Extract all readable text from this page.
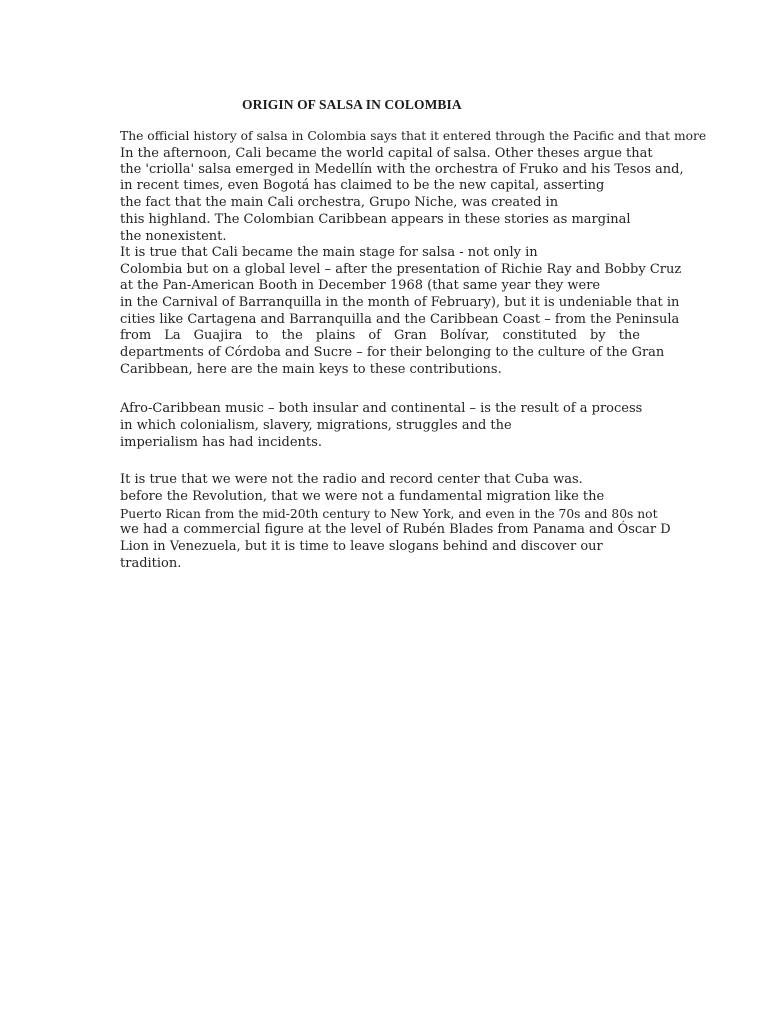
ORIGIN OF SALSA IN COLOMBIA
The official history of salsa in Colombia says that it entered through the Pacific and that more
In the afternoon, Cali became the world capital of salsa. Other theses argue that
the 'criolla' salsa emerged in Medellín with the orchestra of Fruko and his Tesos and,
in recent times, even Bogotá has claimed to be the new capital, asserting
the fact that the main Cali orchestra, Grupo Niche, was created in
this highland. The Colombian Caribbean appears in these stories as marginal
the nonexistent.
It is true that Cali became the main stage for salsa - not only in
Colombia but on a global level – after the presentation of Richie Ray and Bobby Cruz
at the Pan-American Booth in December 1968 (that same year they were
in the Carnival of Barranquilla in the month of February), but it is undeniable that in
cities like Cartagena and Barranquilla and the Caribbean Coast – from the Peninsula
from La Guajira to the plains of Gran Bolívar, constituted by the
departments of Córdoba and Sucre – for their belonging to the culture of the Gran
Caribbean, here are the main keys to these contributions.
Afro-Caribbean music – both insular and continental – is the result of a process
in which colonialism, slavery, migrations, struggles and the
imperialism has had incidents.
It is true that we were not the radio and record center that Cuba was.
before the Revolution, that we were not a fundamental migration like the
Puerto Rican from the mid-20th century to New York, and even in the 70s and 80s not
we had a commercial figure at the level of Rubén Blades from Panama and Óscar D
Lion in Venezuela, but it is time to leave slogans behind and discover our
tradition.
